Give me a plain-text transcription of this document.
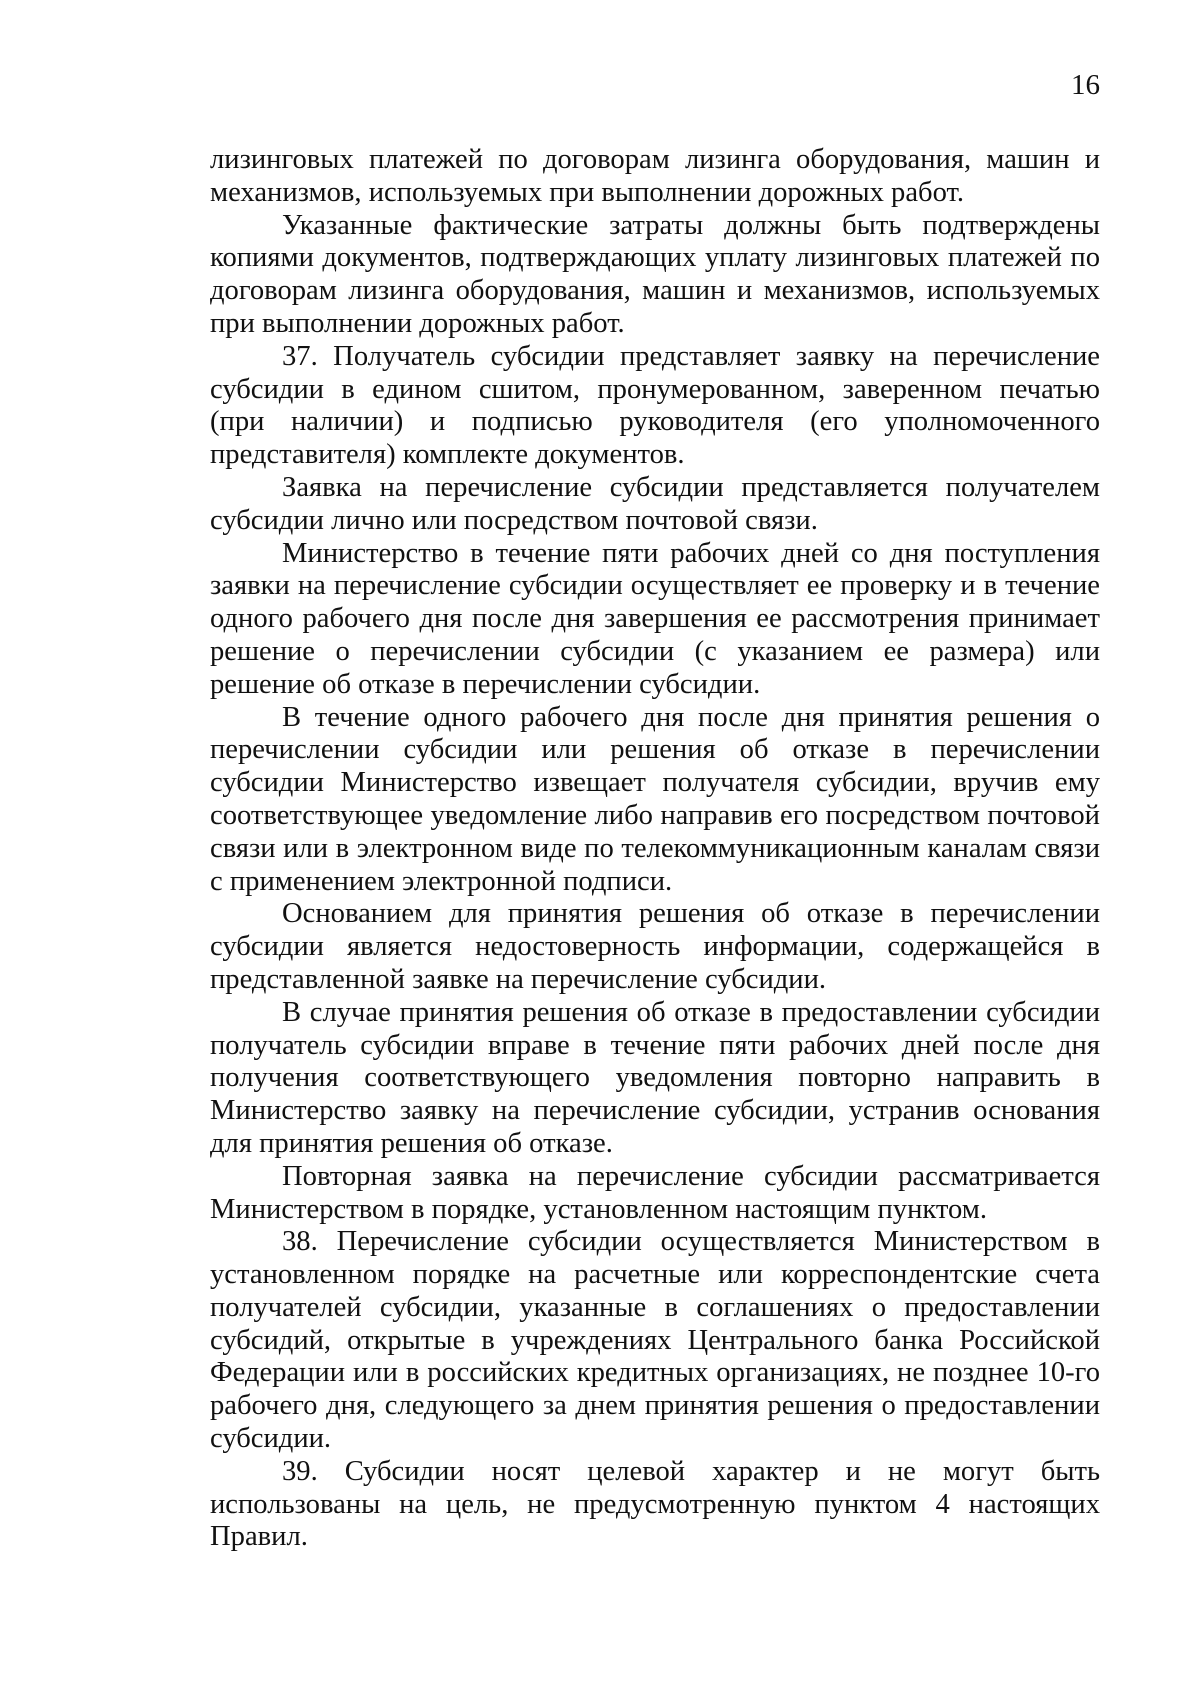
16

лизинговых платежей по договорам лизинга оборудования, машин и механизмов, используемых при выполнении дорожных работ.

Указанные фактические затраты должны быть подтверждены копиями документов, подтверждающих уплату лизинговых платежей по договорам лизинга оборудования, машин и механизмов, используемых при выполнении дорожных работ.

37. Получатель субсидии представляет заявку на перечисление субсидии в едином сшитом, пронумерованном, заверенном печатью (при наличии) и подписью руководителя (его уполномоченного представителя) комплекте документов.

Заявка на перечисление субсидии представляется получателем субсидии лично или посредством почтовой связи.

Министерство в течение пяти рабочих дней со дня поступления заявки на перечисление субсидии осуществляет ее проверку и в течение одного рабочего дня после дня завершения ее рассмотрения принимает решение о перечислении субсидии (с указанием ее размера) или решение об отказе в перечислении субсидии.

В течение одного рабочего дня после дня принятия решения о перечислении субсидии или решения об отказе в перечислении субсидии Министерство извещает получателя субсидии, вручив ему соответствующее уведомление либо направив его посредством почтовой связи или в электронном виде по телекоммуникационным каналам связи с применением электронной подписи.

Основанием для принятия решения об отказе в перечислении субсидии является недостоверность информации, содержащейся в представленной заявке на перечисление субсидии.

В случае принятия решения об отказе в предоставлении субсидии получатель субсидии вправе в течение пяти рабочих дней после дня получения соответствующего уведомления повторно направить в Министерство заявку на перечисление субсидии, устранив основания для принятия решения об отказе.

Повторная заявка на перечисление субсидии рассматривается Министерством в порядке, установленном настоящим пунктом.

38. Перечисление субсидии осуществляется Министерством в установленном порядке на расчетные или корреспондентские счета получателей субсидии, указанные в соглашениях о предоставлении субсидий, открытые в учреждениях Центрального банка Российской Федерации или в российских кредитных организациях, не позднее 10-го рабочего дня, следующего за днем принятия решения о предоставлении субсидии.

39. Субсидии носят целевой характер и не могут быть использованы на цель, не предусмотренную пунктом 4 настоящих Правил.
